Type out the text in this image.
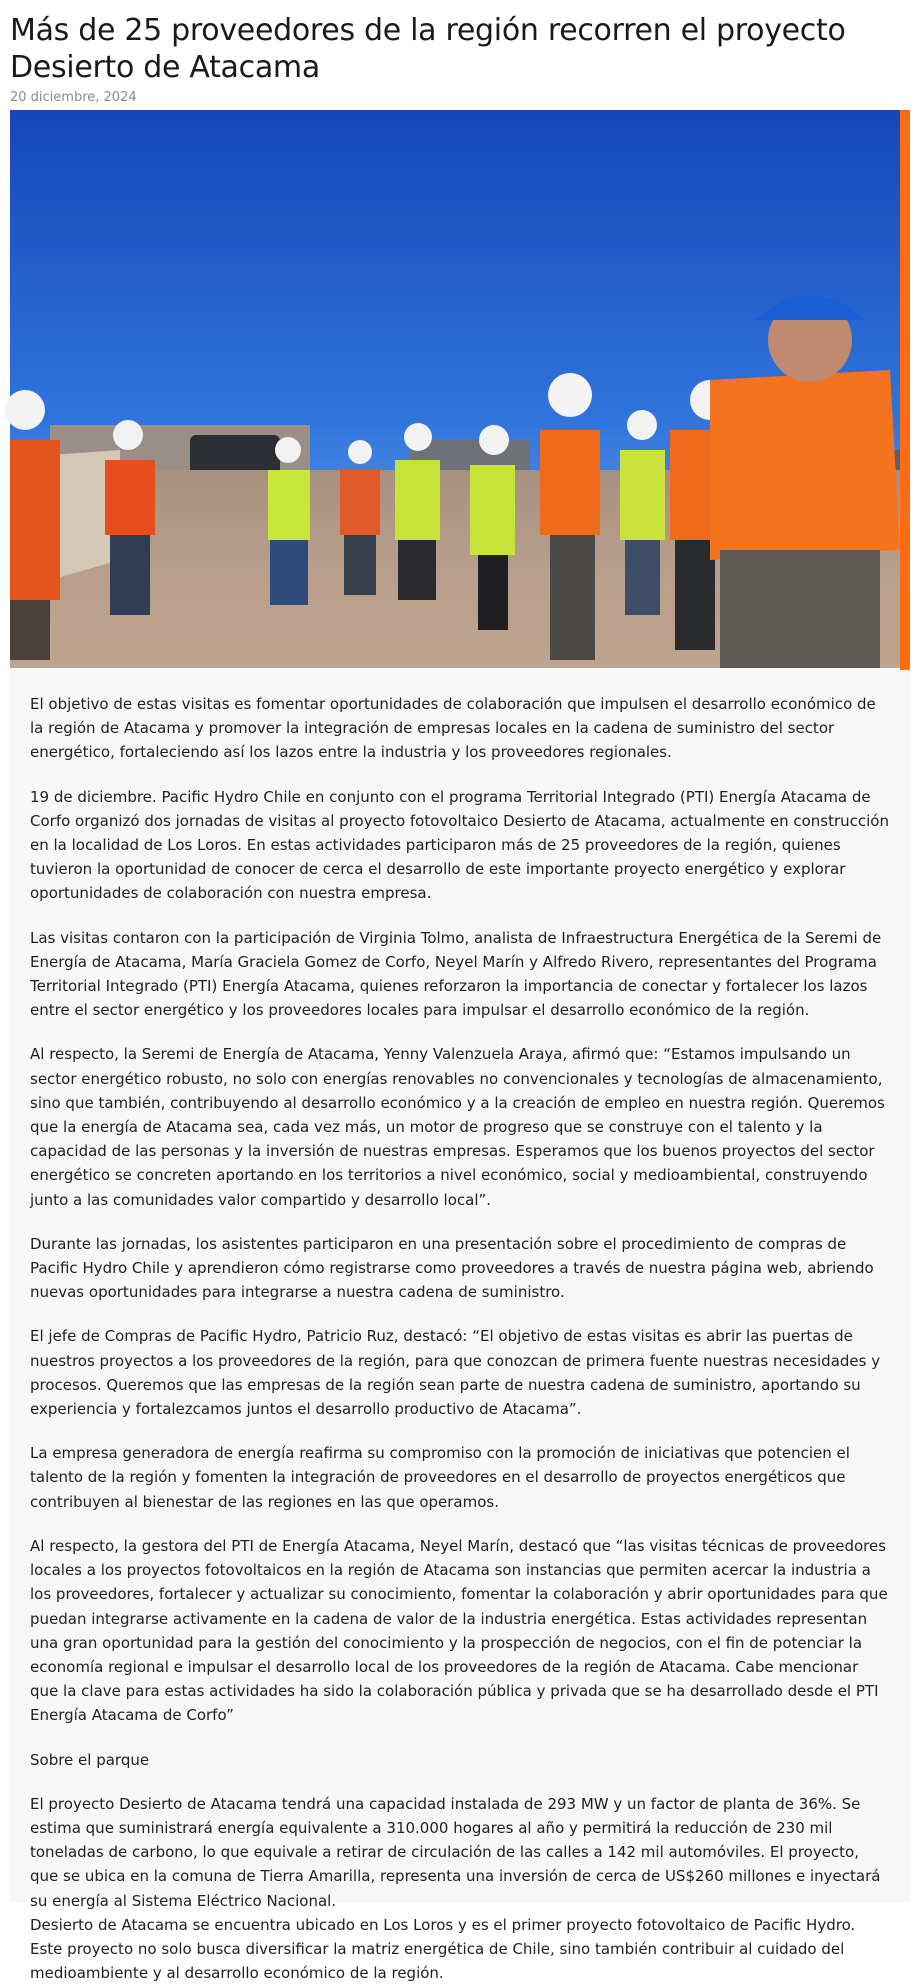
Más de 25 proveedores de la región recorren el proyecto Desierto de Atacama
20 diciembre, 2024

El objetivo de estas visitas es fomentar oportunidades de colaboración que impulsen el desarrollo económico de la región de Atacama y promover la integración de empresas locales en la cadena de suministro del sector energético, fortaleciendo así los lazos entre la industria y los proveedores regionales.

19 de diciembre. Pacific Hydro Chile en conjunto con el programa Territorial Integrado (PTI) Energía Atacama de Corfo organizó dos jornadas de visitas al proyecto fotovoltaico Desierto de Atacama, actualmente en construcción en la localidad de Los Loros. En estas actividades participaron más de 25 proveedores de la región, quienes tuvieron la oportunidad de conocer de cerca el desarrollo de este importante proyecto energético y explorar oportunidades de colaboración con nuestra empresa.

Las visitas contaron con la participación de Virginia Tolmo, analista de Infraestructura Energética de la Seremi de Energía de Atacama, María Graciela Gomez de Corfo, Neyel Marín y Alfredo Rivero, representantes del Programa Territorial Integrado (PTI) Energía Atacama, quienes reforzaron la importancia de conectar y fortalecer los lazos entre el sector energético y los proveedores locales para impulsar el desarrollo económico de la región.

Al respecto, la Seremi de Energía de Atacama, Yenny Valenzuela Araya, afirmó que: “Estamos impulsando un sector energético robusto, no solo con energías renovables no convencionales y tecnologías de almacenamiento, sino que también, contribuyendo al desarrollo económico y a la creación de empleo en nuestra región. Queremos que la energía de Atacama sea, cada vez más, un motor de progreso que se construye con el talento y la capacidad de las personas y la inversión de nuestras empresas. Esperamos que los buenos proyectos del sector energético se concreten aportando en los territorios a nivel económico, social y medioambiental, construyendo junto a las comunidades valor compartido y desarrollo local”.

Durante las jornadas, los asistentes participaron en una presentación sobre el procedimiento de compras de Pacific Hydro Chile y aprendieron cómo registrarse como proveedores a través de nuestra página web, abriendo nuevas oportunidades para integrarse a nuestra cadena de suministro.

El jefe de Compras de Pacific Hydro, Patricio Ruz, destacó: “El objetivo de estas visitas es abrir las puertas de nuestros proyectos a los proveedores de la región, para que conozcan de primera fuente nuestras necesidades y procesos. Queremos que las empresas de la región sean parte de nuestra cadena de suministro, aportando su experiencia y fortalezcamos juntos el desarrollo productivo de Atacama”.

La empresa generadora de energía reafirma su compromiso con la promoción de iniciativas que potencien el talento de la región y fomenten la integración de proveedores en el desarrollo de proyectos energéticos que contribuyen al bienestar de las regiones en las que operamos.

Al respecto, la gestora del PTI de Energía Atacama, Neyel Marín, destacó que “las visitas técnicas de proveedores locales a los proyectos fotovoltaicos en la región de Atacama son instancias que permiten acercar la industria a los proveedores, fortalecer y actualizar su conocimiento, fomentar la colaboración y abrir oportunidades para que puedan integrarse activamente en la cadena de valor de la industria energética. Estas actividades representan una gran oportunidad para la gestión del conocimiento y la prospección de negocios, con el fin de potenciar la economía regional e impulsar el desarrollo local de los proveedores de la región de Atacama. Cabe mencionar que la clave para estas actividades ha sido la colaboración pública y privada que se ha desarrollado desde el PTI Energía Atacama de Corfo”

Sobre el parque

El proyecto Desierto de Atacama tendrá una capacidad instalada de 293 MW y un factor de planta de 36%. Se estima que suministrará energía equivalente a 310.000 hogares al año y permitirá la reducción de 230 mil toneladas de carbono, lo que equivale a retirar de circulación de las calles a 142 mil automóviles. El proyecto, que se ubica en la comuna de Tierra Amarilla, representa una inversión de cerca de US$260 millones e inyectará su energía al Sistema Eléctrico Nacional.

Desierto de Atacama se encuentra ubicado en Los Loros y es el primer proyecto fotovoltaico de Pacific Hydro. Este proyecto no solo busca diversificar la matriz energética de Chile, sino también contribuir al cuidado del medioambiente y al desarrollo económico de la región.
